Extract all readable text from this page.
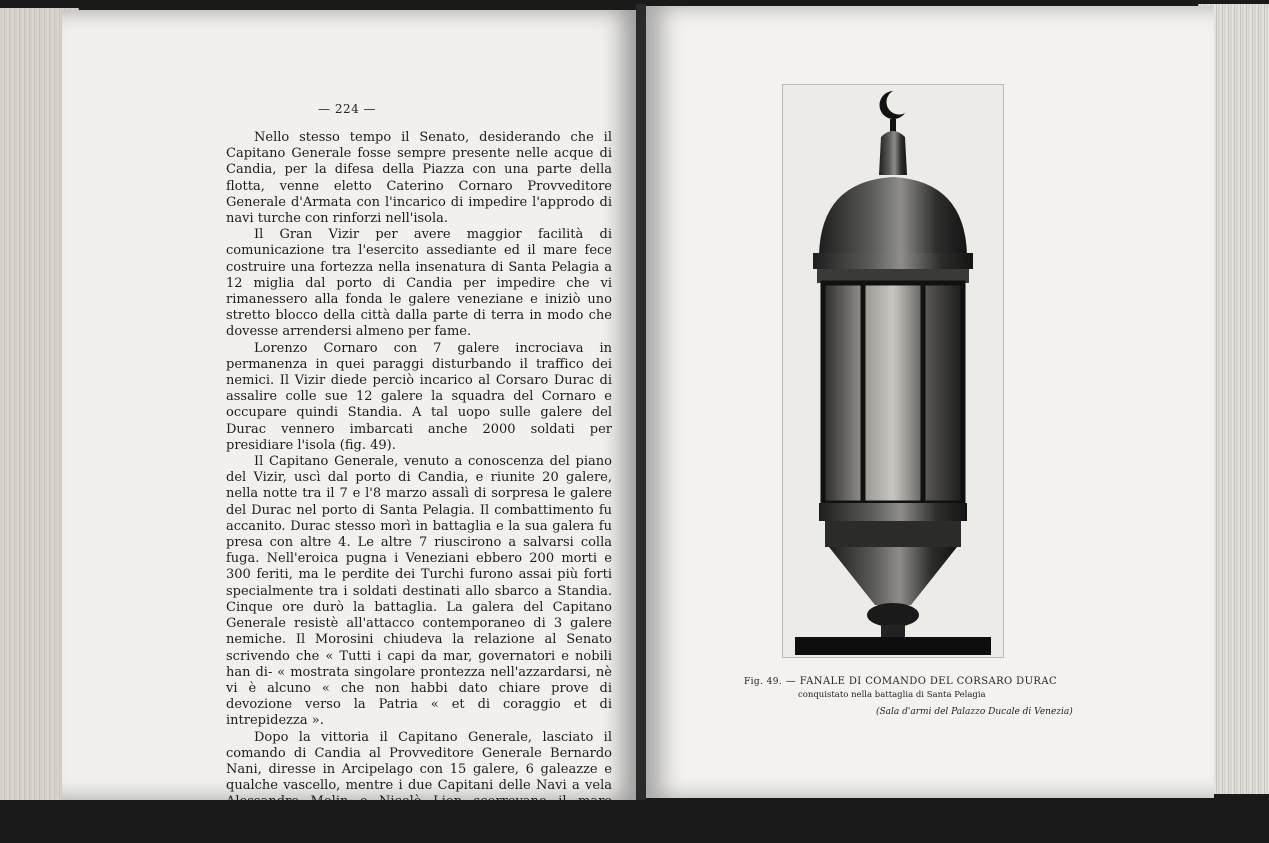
— 224 —

Nello stesso tempo il Senato, desiderando che il Capitano Generale fosse sempre presente nelle acque di Candia, per la difesa della Piazza con una parte della flotta, venne eletto Caterino Cornaro Provveditore Generale d'Armata con l'incarico di impedire l'approdo di navi turche con rinforzi nell'isola.

Il Gran Vizir per avere maggior facilità di comunicazione tra l'esercito assediante ed il mare fece costruire una fortezza nella insenatura di Santa Pelagia a 12 miglia dal porto di Candia per impedire che vi rimanessero alla fonda le galere veneziane e iniziò uno stretto blocco della città dalla parte di terra in modo che dovesse arrendersi almeno per fame.

Lorenzo Cornaro con 7 galere incrociava in permanenza in quei paraggi disturbando il traffico dei nemici. Il Vizir diede perciò incarico al Corsaro Durac di assalire colle sue 12 galere la squadra del Cornaro e occupare quindi Standia. A tal uopo sulle galere del Durac vennero imbarcati anche 2000 soldati per presidiare l'isola (fig. 49).

Il Capitano Generale, venuto a conoscenza del piano del Vizir, uscì dal porto di Candia, e riunite 20 galere, nella notte tra il 7 e l'8 marzo assalì di sorpresa le galere del Durac nel porto di Santa Pelagia. Il combattimento fu accanito. Durac stesso morì in battaglia e la sua galera fu presa con altre 4. Le altre 7 riuscirono a salvarsi colla fuga. Nell'eroica pugna i Veneziani ebbero 200 morti e 300 feriti, ma le perdite dei Turchi furono assai più forti specialmente tra i soldati destinati allo sbarco a Standia. Cinque ore durò la battaglia. La galera del Capitano Generale resistè all'attacco contemporaneo di 3 galere nemiche. Il Morosini chiudeva la relazione al Senato scrivendo che « Tutti i capi da mar, governatori e nobili han di- « mostrata singolare prontezza nell'azzardarsi, nè vi è alcuno « che non habbi dato chiare prove di devozione verso la Patria « et di coraggio et di intrepidezza ».

Dopo la vittoria il Capitano Generale, lasciato il comando di Candia al Provveditore Generale Bernardo Nani, diresse in Arcipelago con 15 galere, 6 galeazze e qualche vascello, mentre i due Capitani delle Navi a vela Alessandro Molin e Nicolò Lion scorrevano il mare catturando quante navi turche incontravano. Ciò nonostante il Capitan Pascià con una flotta

Fig. 49. — FANALE DI COMANDO DEL CORSARO DURAC
conquistato nella battaglia di Santa Pelagia
(Sala d'armi del Palazzo Ducale di Venezia)
